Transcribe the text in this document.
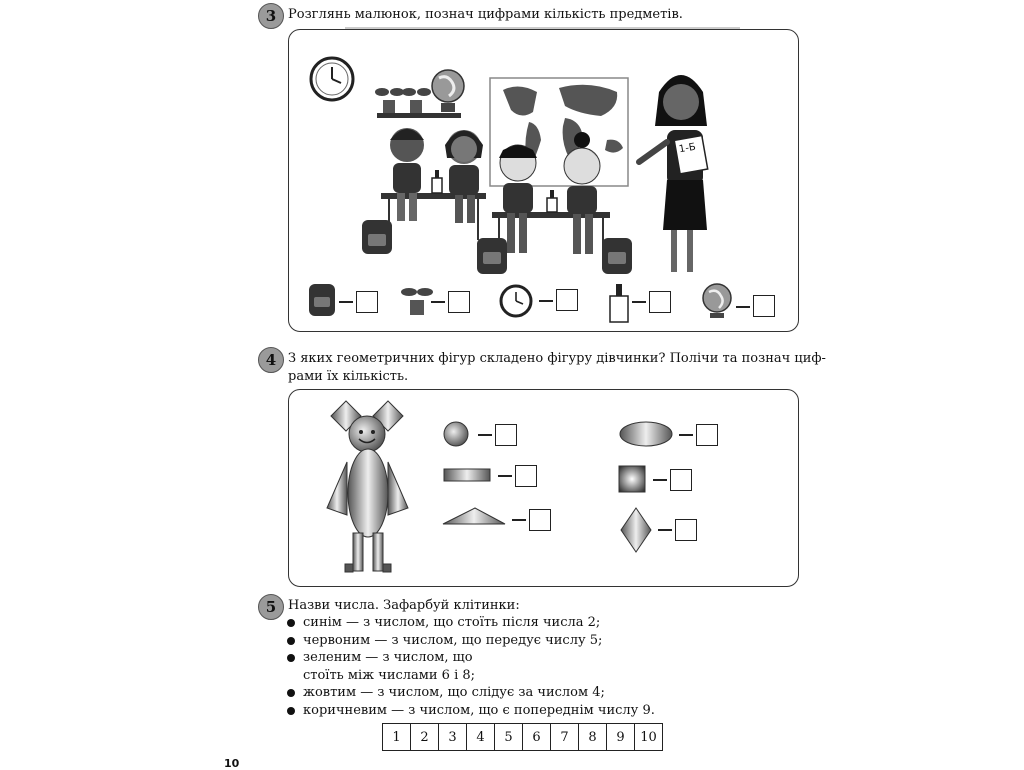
3 Розглянь малюнок, познач цифрами кількість предметів.
1-Б
4 З яких геометричних фігур складено фігуру дівчинки? Полічи та познач циф-
рами їх кількість.
5 Назви числа. Зафарбуй клітинки:
синім — з числом, що стоїть після числа 2;
червоним — з числом, що передує числу 5;
зеленим — з числом, що
стоїть між числами 6 і 8;
жовтим — з числом, що слідує за числом 4;
коричневим — з числом, що є попереднім числу 9.
1	2	3	4	5	6	7	8	9	10
10
